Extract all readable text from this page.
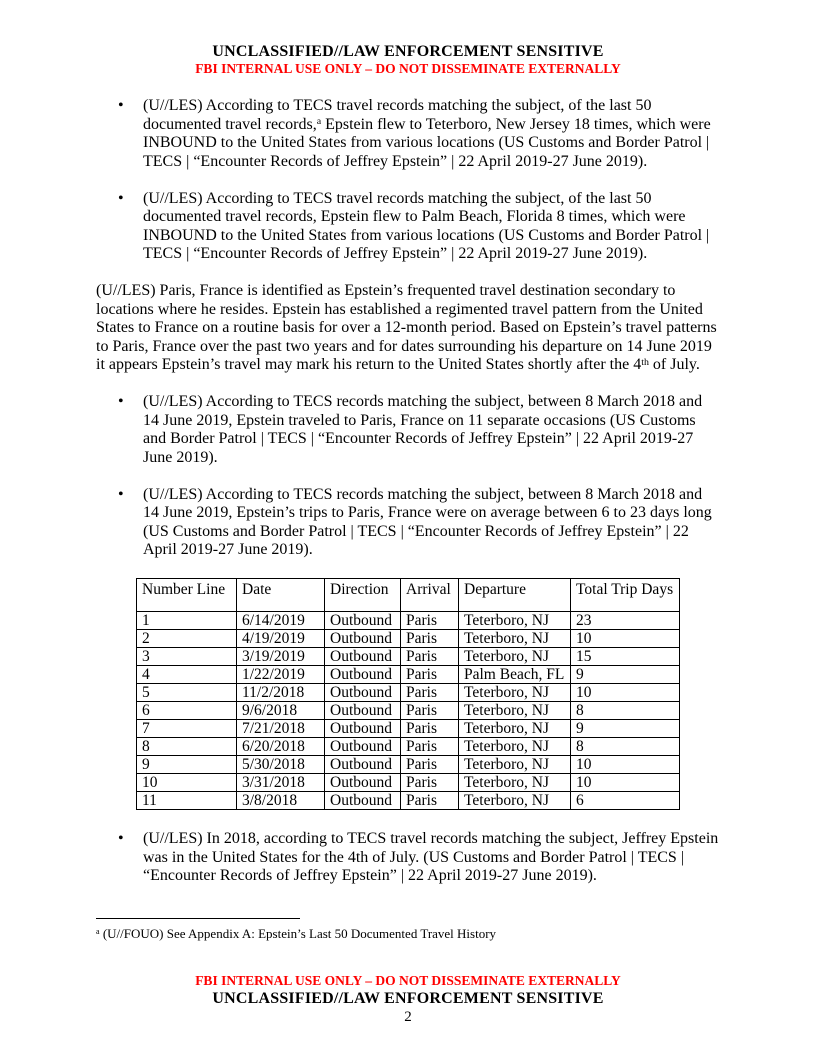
UNCLASSIFIED//LAW ENFORCEMENT SENSITIVE
FBI INTERNAL USE ONLY – DO NOT DISSEMINATE EXTERNALLY
• (U//LES) According to TECS travel records matching the subject, of the last 50 documented travel records,$^a$ Epstein flew to Teterboro, New Jersey 18 times, which were INBOUND to the United States from various locations (US Customs and Border Patrol | TECS | “Encounter Records of Jeffrey Epstein” | 22 April 2019-27 June 2019).
• (U//LES) According to TECS travel records matching the subject, of the last 50 documented travel records, Epstein flew to Palm Beach, Florida 8 times, which were INBOUND to the United States from various locations (US Customs and Border Patrol | TECS | “Encounter Records of Jeffrey Epstein” | 22 April 2019-27 June 2019).

(U//LES) Paris, France is identified as Epstein’s frequented travel destination secondary to locations where he resides. Epstein has established a regimented travel pattern from the United States to France on a routine basis for over a 12-month period. Based on Epstein’s travel patterns to Paris, France over the past two years and for dates surrounding his departure on 14 June 2019 it appears Epstein’s travel may mark his return to the United States shortly after the 4th of July.

• (U//LES) According to TECS records matching the subject, between 8 March 2018 and 14 June 2019, Epstein traveled to Paris, France on 11 separate occasions (US Customs and Border Patrol | TECS | “Encounter Records of Jeffrey Epstein” | 22 April 2019-27 June 2019).
• (U//LES) According to TECS records matching the subject, between 8 March 2018 and 14 June 2019, Epstein’s trips to Paris, France were on average between 6 to 23 days long (US Customs and Border Patrol | TECS | “Encounter Records of Jeffrey Epstein” | 22 April 2019-27 June 2019).
Number Line	Date	Direction	Arrival	Departure	Total Trip Days
1	6/14/2019	Outbound	Paris	Teterboro, NJ	23
2	4/19/2019	Outbound	Paris	Teterboro, NJ	10
3	3/19/2019	Outbound	Paris	Teterboro, NJ	15
4	1/22/2019	Outbound	Paris	Palm Beach, FL	9
5	11/2/2018	Outbound	Paris	Teterboro, NJ	10
6	9/6/2018	Outbound	Paris	Teterboro, NJ	8
7	7/21/2018	Outbound	Paris	Teterboro, NJ	9
8	6/20/2018	Outbound	Paris	Teterboro, NJ	8
9	5/30/2018	Outbound	Paris	Teterboro, NJ	10
10	3/31/2018	Outbound	Paris	Teterboro, NJ	10
11	3/8/2018	Outbound	Paris	Teterboro, NJ	6
• (U//LES) In 2018, according to TECS travel records matching the subject, Jeffrey Epstein was in the United States for the 4th of July. (US Customs and Border Patrol | TECS | “Encounter Records of Jeffrey Epstein” | 22 April 2019-27 June 2019).
$^a$ (U//FOUO) See Appendix A: Epstein’s Last 50 Documented Travel History
FBI INTERNAL USE ONLY – DO NOT DISSEMINATE EXTERNALLY
UNCLASSIFIED//LAW ENFORCEMENT SENSITIVE
2
